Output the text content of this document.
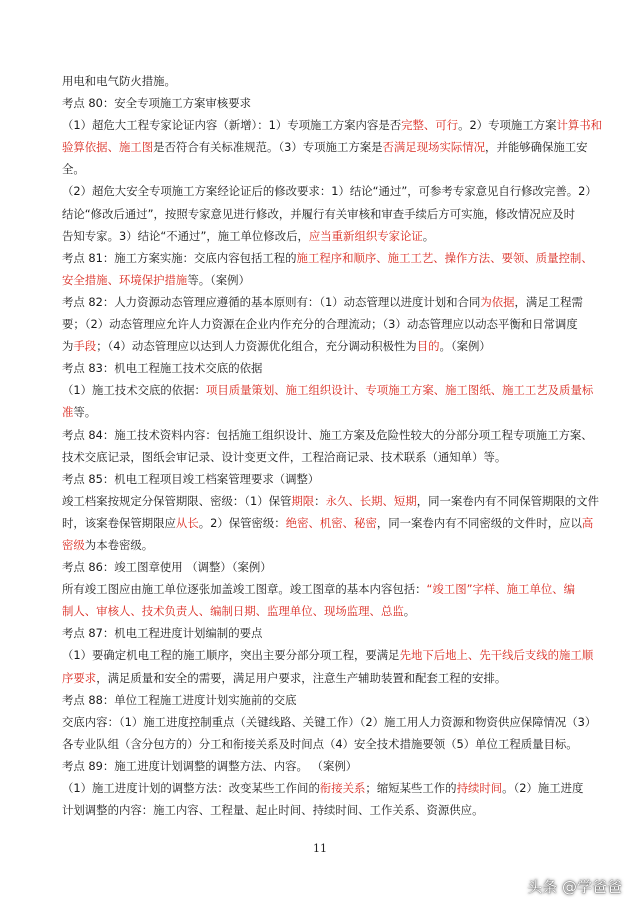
用电和电气防火措施。
考点 80：安全专项施工方案审核要求
（1）超危大工程专家论证内容（新增）：1）专项施工方案内容是否完整、可行。2）专项施工方案计算书和
验算依据、施工图是否符合有关标准规范。（3）专项施工方案是否满足现场实际情况，并能够确保施工安
全。
（2）超危大安全专项施工方案经论证后的修改要求：1）结论“通过”，可参考专家意见自行修改完善。2）
结论“修改后通过”，按照专家意见进行修改，并履行有关审核和审查手续后方可实施，修改情况应及时
告知专家。3）结论“不通过”，施工单位修改后，应当重新组织专家论证。
考点 81：施工方案实施：交底内容包括工程的施工程序和顺序、施工工艺、操作方法、要领、质量控制、
安全措施、环境保护措施等。（案例）
考点 82：人力资源动态管理应遵循的基本原则有：（1）动态管理以进度计划和合同为依据，满足工程需
要；（2）动态管理应允许人力资源在企业内作充分的合理流动；（3）动态管理应以动态平衡和日常调度
为手段；（4）动态管理应以达到人力资源优化组合，充分调动积极性为目的。（案例）
考点 83：机电工程施工技术交底的依据
（1）施工技术交底的依据：项目质量策划、施工组织设计、专项施工方案、施工图纸、施工工艺及质量标
准等。
考点 84：施工技术资料内容：包括施工组织设计、施工方案及危险性较大的分部分项工程专项施工方案、
技术交底记录，图纸会审记录、设计变更文件，工程洽商记录、技术联系（通知单）等。
考点 85：机电工程项目竣工档案管理要求（调整）
竣工档案按规定分保管期限、密级：（1）保管期限：永久、长期、短期，同一案卷内有不同保管期限的文件
时，该案卷保管期限应从长。2）保管密级：绝密、机密、秘密，同一案卷内有不同密级的文件时，应以高
密级为本卷密级。
考点 86：竣工图章使用 （调整）（案例）
所有竣工图应由施工单位逐张加盖竣工图章。竣工图章的基本内容包括：“竣工图”字样、施工单位、编
制人、审核人、技术负责人、编制日期、监理单位、现场监理、总监。
考点 87：机电工程进度计划编制的要点
（1）要确定机电工程的施工顺序，突出主要分部分项工程，要满足先地下后地上、先干线后支线的施工顺
序要求，满足质量和安全的需要，满足用户要求，注意生产辅助装置和配套工程的安排。
考点 88：单位工程施工进度计划实施前的交底
交底内容：（1）施工进度控制重点（关键线路、关键工作）（2）施工用人力资源和物资供应保障情况（3）
各专业队组（含分包方的）分工和衔接关系及时间点（4）安全技术措施要领（5）单位工程质量目标。
考点 89：施工进度计划调整的调整方法、内容。 （案例）
（1）施工进度计划的调整方法：改变某些工作间的衔接关系；缩短某些工作的持续时间。（2）施工进度
计划调整的内容：施工内容、工程量、起止时间、持续时间、工作关系、资源供应。
11
头条 @学爸爸
